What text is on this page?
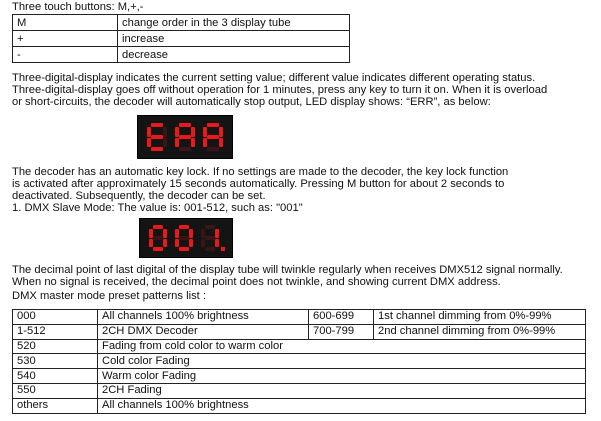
Three touch buttons: M,+,-
M	change order in the 3 display tube
+	increase
-	decrease
Three-digital-display indicates the current setting value; different value indicates different operating status.
Three-digital-display goes off without operation for 1 minutes, press any key to turn it on. When it is overload
or short-circuits, the decoder will automatically stop output, LED display shows: “ERR”, as below:
The decoder has an automatic key lock. If no settings are made to the decoder, the key lock function
is activated after approximately 15 seconds automatically. Pressing M button for about 2 seconds to
deactivated. Subsequently, the decoder can be set.
1. DMX Slave Mode: The value is: 001-512, such as: "001"
The decimal point of last digital of the display tube will twinkle regularly when receives DMX512 signal normally.
When no signal is received, the decimal point does not twinkle, and showing current DMX address.
DMX master mode preset patterns list :
000	All channels 100% brightness	600-699	1st channel dimming from 0%-99%
1-512	2CH DMX Decoder	700-799	2nd channel dimming from 0%-99%
520	Fading from cold color to warm color		
530	Cold color Fading		
540	Warm color Fading		
550	2CH Fading		
others	All channels 100% brightness		
